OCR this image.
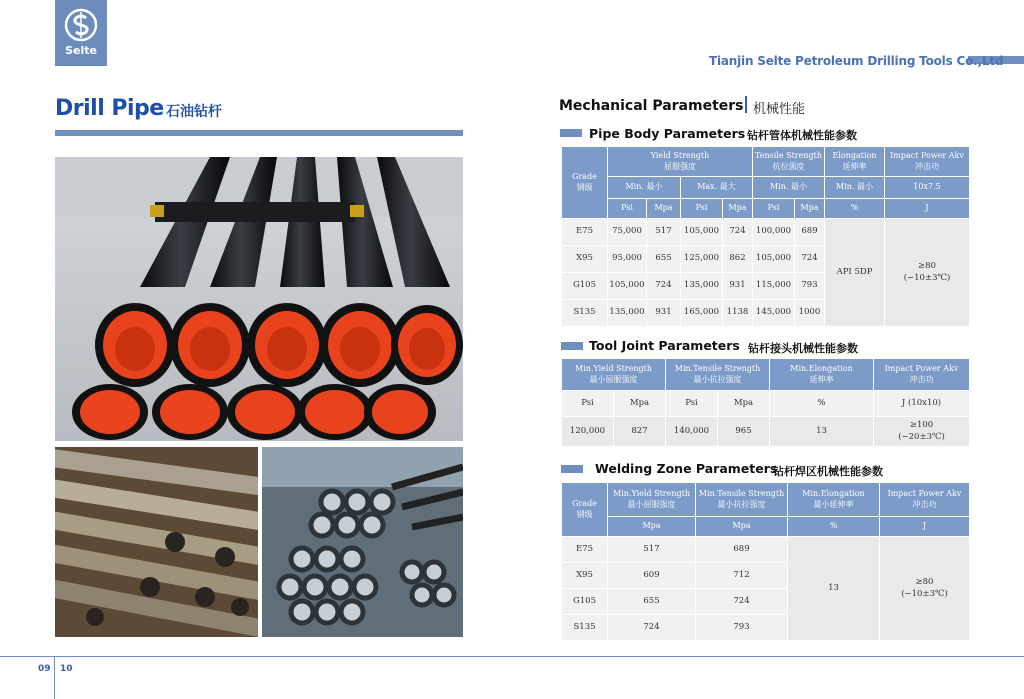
Selte
Tianjin Selte Petroleum Drilling Tools Co.,Ltd
Drill Pipe 石油钻杆	Mechanical Parameters 机械性能
Pipe Body Parameters 钻杆管体机械性能参数
Grade
钢级	Yield Strength
屈服强度				Tensile Strength
抗拉强度		Elongation
延伸率	Impact Power Akv
冲击功
	Min. 最小		Max. 最大		Min. 最小		Min. 最小	10x7.5
	Psi	Mpa	Psi	Mpa	Psi	Mpa	%	J
E75	75,000	517	105,000	724	100,000	689	API 5DP	≥80
(−10±3℃)
X95	95,000	655	125,000	862	105,000	724		
G105	105,000	724	135,000	931	115,000	793		
S135	135,000	931	165,000	1138	145,000	1000		
Tool Joint Parameters 钻杆接头机械性能参数
Min.Yield Strength
最小屈服强度		Min.Tensile Strength
最小抗拉强度		Min.Elongation
延伸率	Impact Power Akv
冲击功
Psi	Mpa	Psi	Mpa	%	J (10x10)
120,000	827	140,000	965	13	≥100
(−20±3℃)
Welding Zone Parameters
钻杆焊区机械性能参数
Grade
钢级	Min.Yield Strength
最小屈服强度	Min.Tensile Strength
最小抗拉强度	Min.Elongation
最小延伸率	Impact Power Akv
冲击功
	Mpa	Mpa	%	J
E75	517	689	13	≥80
(−10±3℃)
X95	609	712		
G105	655	724		
S135	724	793		
09 10
